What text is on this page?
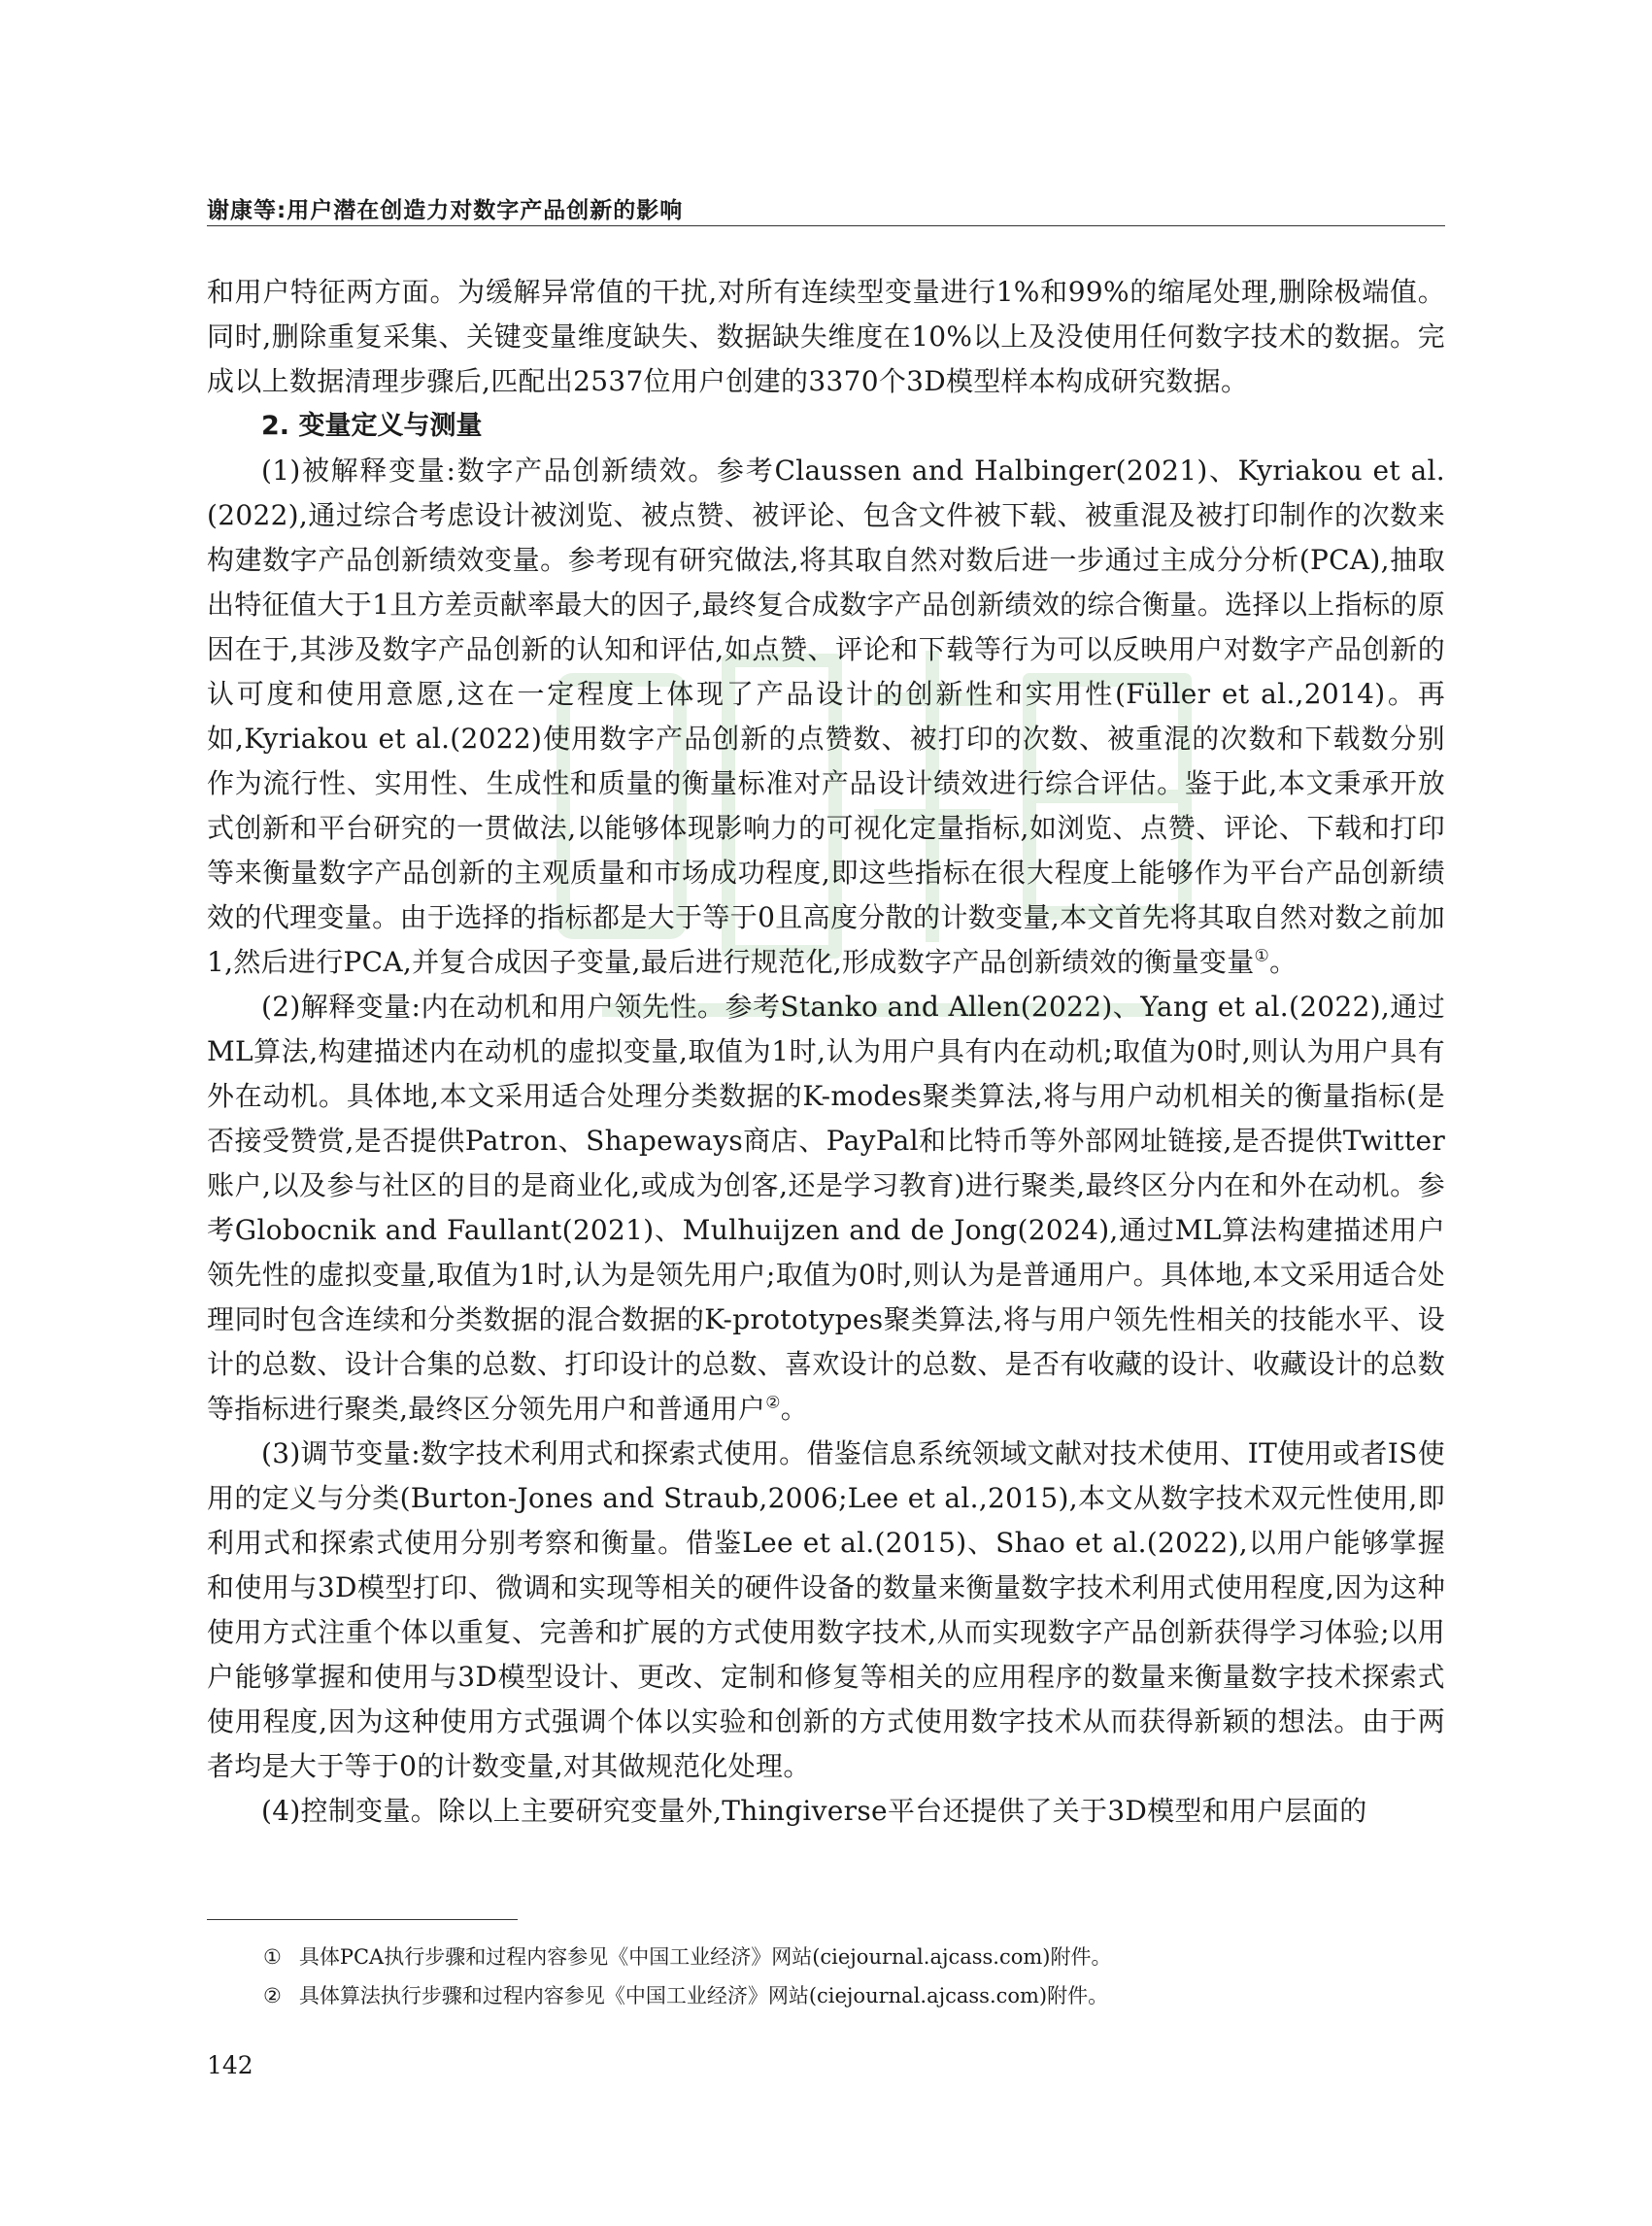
谢康等:用户潜在创造力对数字产品创新的影响

和用户特征两方面。为缓解异常值的干扰,对所有连续型变量进行1%和99%的缩尾处理,删除极端值。同时,删除重复采集、关键变量维度缺失、数据缺失维度在10%以上及没使用任何数字技术的数据。完成以上数据清理步骤后,匹配出2537位用户创建的3370个3D模型样本构成研究数据。

2. 变量定义与测量

(1)被解释变量:数字产品创新绩效。参考Claussen and Halbinger(2021)、Kyriakou et al.(2022),通过综合考虑设计被浏览、被点赞、被评论、包含文件被下载、被重混及被打印制作的次数来构建数字产品创新绩效变量。参考现有研究做法,将其取自然对数后进一步通过主成分分析(PCA),抽取出特征值大于1且方差贡献率最大的因子,最终复合成数字产品创新绩效的综合衡量。选择以上指标的原因在于,其涉及数字产品创新的认知和评估,如点赞、评论和下载等行为可以反映用户对数字产品创新的认可度和使用意愿,这在一定程度上体现了产品设计的创新性和实用性(Füller et al.,2014)。再如,Kyriakou et al.(2022)使用数字产品创新的点赞数、被打印的次数、被重混的次数和下载数分别作为流行性、实用性、生成性和质量的衡量标准对产品设计绩效进行综合评估。鉴于此,本文秉承开放式创新和平台研究的一贯做法,以能够体现影响力的可视化定量指标,如浏览、点赞、评论、下载和打印等来衡量数字产品创新的主观质量和市场成功程度,即这些指标在很大程度上能够作为平台产品创新绩效的代理变量。由于选择的指标都是大于等于0且高度分散的计数变量,本文首先将其取自然对数之前加1,然后进行PCA,并复合成因子变量,最后进行规范化,形成数字产品创新绩效的衡量变量①。

(2)解释变量:内在动机和用户领先性。参考Stanko and Allen(2022)、Yang et al.(2022),通过ML算法,构建描述内在动机的虚拟变量,取值为1时,认为用户具有内在动机;取值为0时,则认为用户具有外在动机。具体地,本文采用适合处理分类数据的K-modes聚类算法,将与用户动机相关的衡量指标(是否接受赞赏,是否提供Patron、Shapeways商店、PayPal和比特币等外部网址链接,是否提供Twitter账户,以及参与社区的目的是商业化,或成为创客,还是学习教育)进行聚类,最终区分内在和外在动机。参考Globocnik and Faullant(2021)、Mulhuijzen and de Jong(2024),通过ML算法构建描述用户领先性的虚拟变量,取值为1时,认为是领先用户;取值为0时,则认为是普通用户。具体地,本文采用适合处理同时包含连续和分类数据的混合数据的K-prototypes聚类算法,将与用户领先性相关的技能水平、设计的总数、设计合集的总数、打印设计的总数、喜欢设计的总数、是否有收藏的设计、收藏设计的总数等指标进行聚类,最终区分领先用户和普通用户②。

(3)调节变量:数字技术利用式和探索式使用。借鉴信息系统领域文献对技术使用、IT使用或者IS使用的定义与分类(Burton-Jones and Straub,2006;Lee et al.,2015),本文从数字技术双元性使用,即利用式和探索式使用分别考察和衡量。借鉴Lee et al.(2015)、Shao et al.(2022),以用户能够掌握和使用与3D模型打印、微调和实现等相关的硬件设备的数量来衡量数字技术利用式使用程度,因为这种使用方式注重个体以重复、完善和扩展的方式使用数字技术,从而实现数字产品创新获得学习体验;以用户能够掌握和使用与3D模型设计、更改、定制和修复等相关的应用程序的数量来衡量数字技术探索式使用程度,因为这种使用方式强调个体以实验和创新的方式使用数字技术从而获得新颖的想法。由于两者均是大于等于0的计数变量,对其做规范化处理。

(4)控制变量。除以上主要研究变量外,Thingiverse平台还提供了关于3D模型和用户层面的

① 具体PCA执行步骤和过程内容参见《中国工业经济》网站(ciejournal.ajcass.com)附件。
② 具体算法执行步骤和过程内容参见《中国工业经济》网站(ciejournal.ajcass.com)附件。
142
